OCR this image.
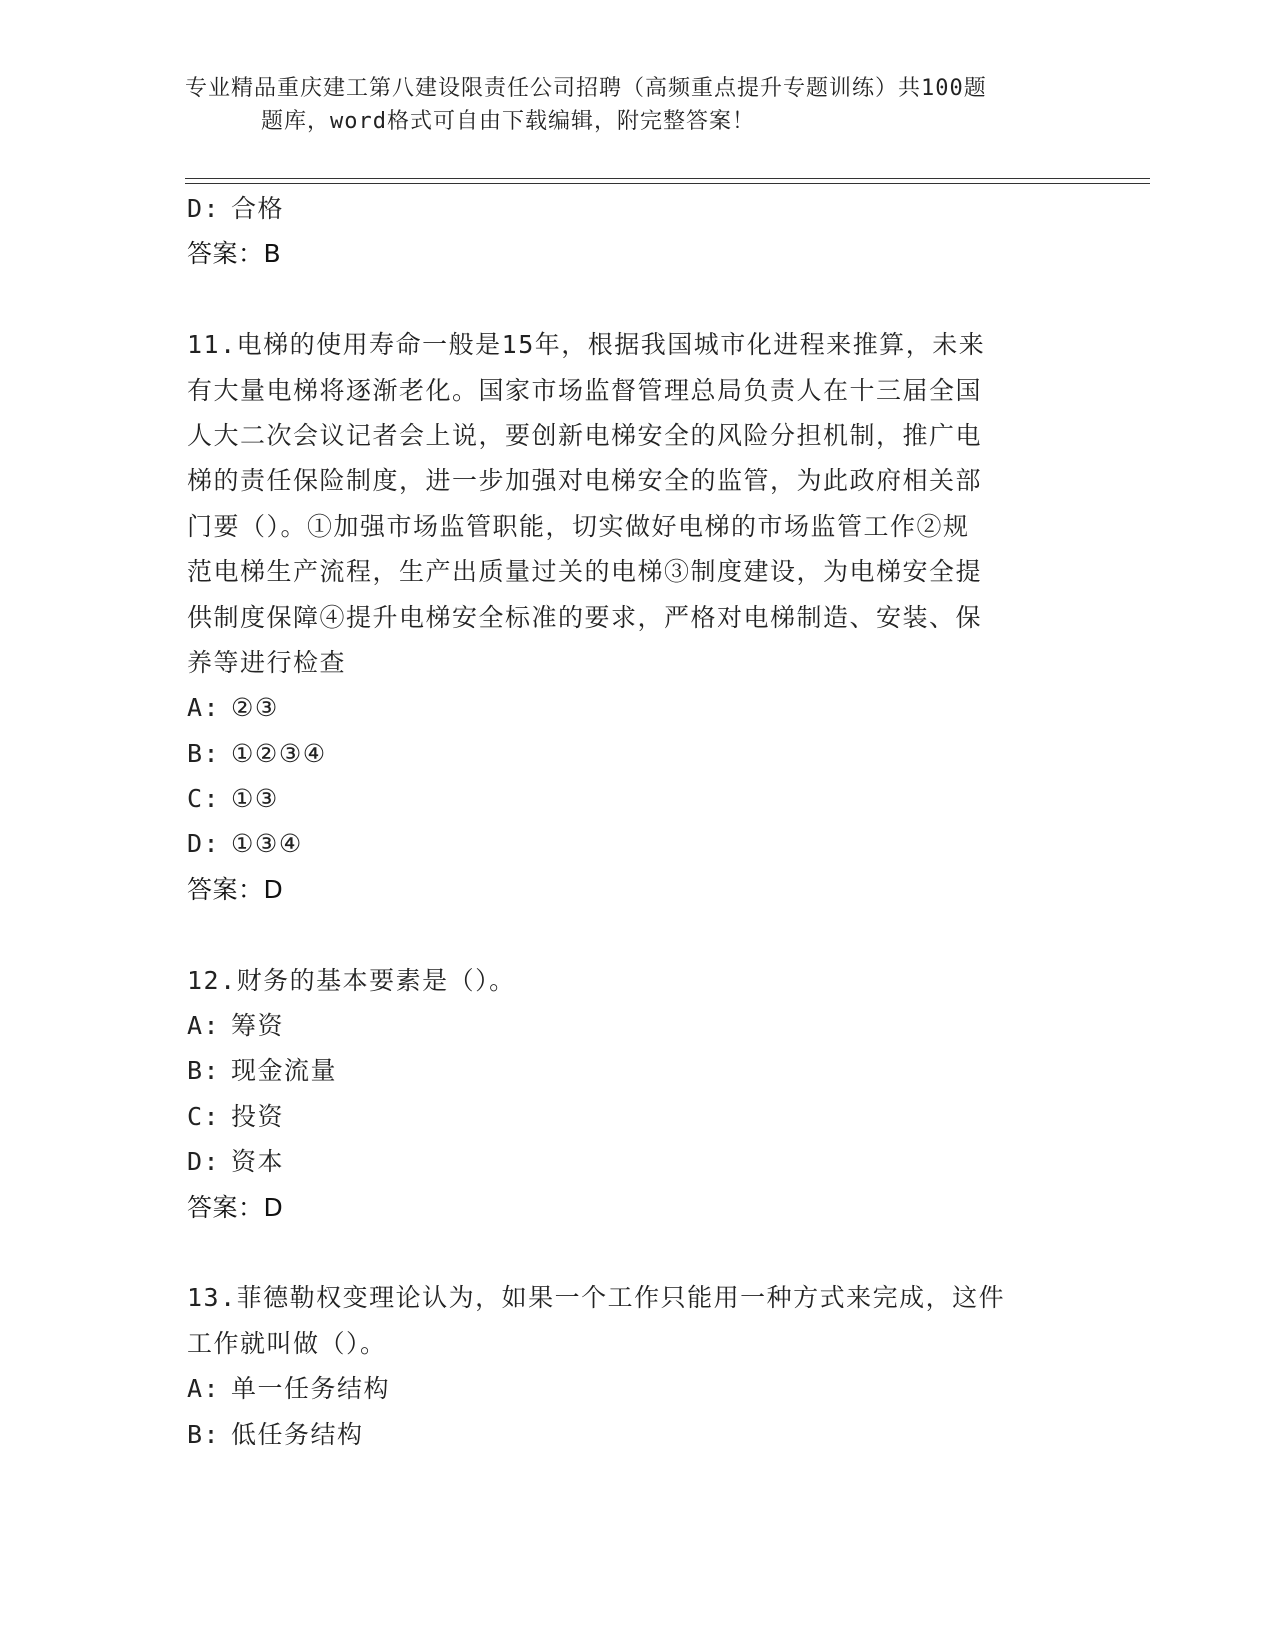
专业精品重庆建工第八建设限责任公司招聘（高频重点提升专题训练）共100题
题库，word格式可自由下载编辑，附完整答案！
D: 合格
答案：B
11.电梯的使用寿命一般是15年，根据我国城市化进程来推算，未来
有大量电梯将逐渐老化。国家市场监督管理总局负责人在十三届全国
人大二次会议记者会上说，要创新电梯安全的风险分担机制，推广电
梯的责任保险制度，进一步加强对电梯安全的监管，为此政府相关部
门要（）。①加强市场监管职能，切实做好电梯的市场监管工作②规
范电梯生产流程，生产出质量过关的电梯③制度建设，为电梯安全提
供制度保障④提升电梯安全标准的要求，严格对电梯制造、安装、保
养等进行检查
A: ②③
B: ①②③④
C: ①③
D: ①③④
答案：D
12.财务的基本要素是（）。
A: 筹资
B: 现金流量
C: 投资
D: 资本
答案：D
13.菲德勒权变理论认为，如果一个工作只能用一种方式来完成，这件
工作就叫做（）。
A: 单一任务结构
B: 低任务结构
